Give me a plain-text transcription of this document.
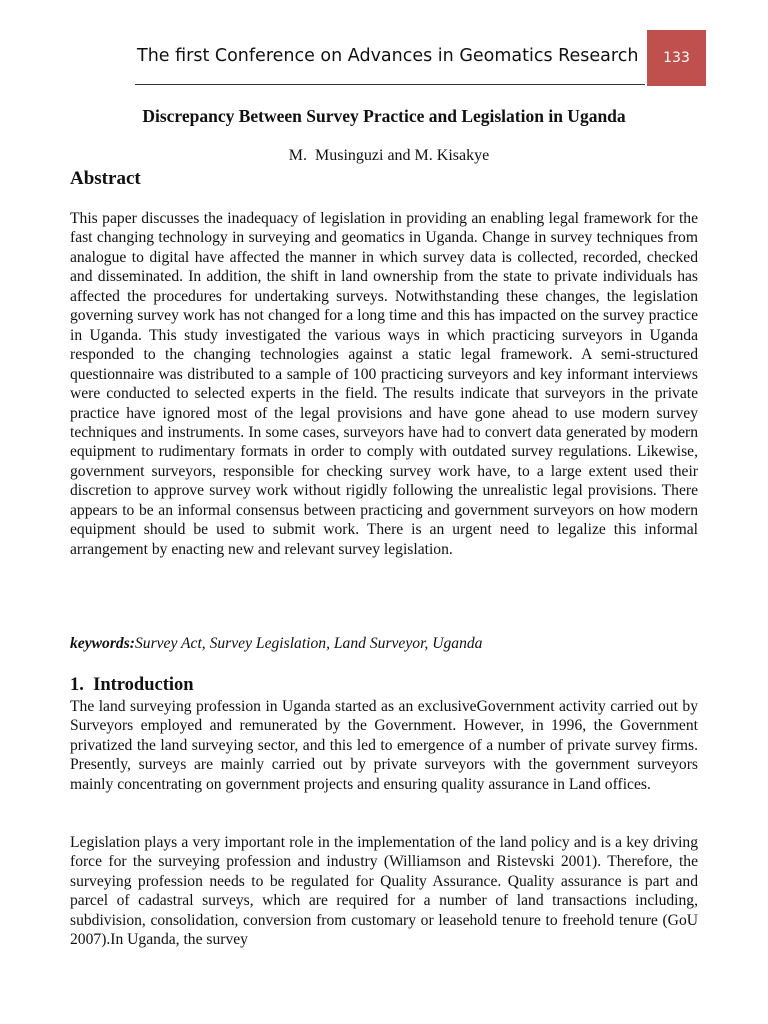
The first Conference on Advances in Geomatics Research	133
Discrepancy Between Survey Practice and Legislation in Uganda
M.  Musinguzi and M. Kisakye
Abstract

This paper discusses the inadequacy of legislation in providing an enabling legal framework for the fast changing technology in surveying and geomatics in Uganda. Change in survey techniques from analogue to digital have affected the manner in which survey data is collected, recorded, checked and disseminated. In addition, the shift in land ownership from the state to private individuals has affected the procedures for undertaking surveys. Notwithstanding these changes, the legislation governing survey work has not changed for a long time and this has impacted on the survey practice in Uganda. This study investigated the various ways in which practicing surveyors in Uganda responded to the changing technologies against a static legal framework. A semi-structured questionnaire was distributed to a sample of 100 practicing surveyors and key informant interviews were conducted to selected experts in the field. The results indicate that surveyors in the private practice have ignored most of the legal provisions and have gone ahead to use modern survey techniques and instruments. In some cases, surveyors have had to convert data generated by modern equipment to rudimentary formats in order to comply with outdated survey regulations. Likewise, government surveyors, responsible for checking survey work have, to a large extent used their discretion to approve survey work without rigidly following the unrealistic legal provisions. There appears to be an informal consensus between practicing and government surveyors on how modern equipment should be used to submit work. There is an urgent need to legalize this informal arrangement by enacting new and relevant survey legislation.

keywords:Survey Act, Survey Legislation, Land Surveyor, Uganda
1.  Introduction

The land surveying profession in Uganda started as an exclusiveGovernment activity carried out by Surveyors employed and remunerated by the Government. However, in 1996, the Government privatized the land surveying sector, and this led to emergence of a number of private survey firms. Presently, surveys are mainly carried out by private surveyors with the government surveyors mainly concentrating on government projects and ensuring quality assurance in Land offices.

Legislation plays a very important role in the implementation of the land policy and is a key driving force for the surveying profession and industry (Williamson and Ristevski 2001). Therefore, the surveying profession needs to be regulated for Quality Assurance. Quality assurance is part and parcel of cadastral surveys, which are required for a number of land transactions including, subdivision, consolidation, conversion from customary or leasehold tenure to freehold tenure (GoU 2007).In Uganda, the survey
